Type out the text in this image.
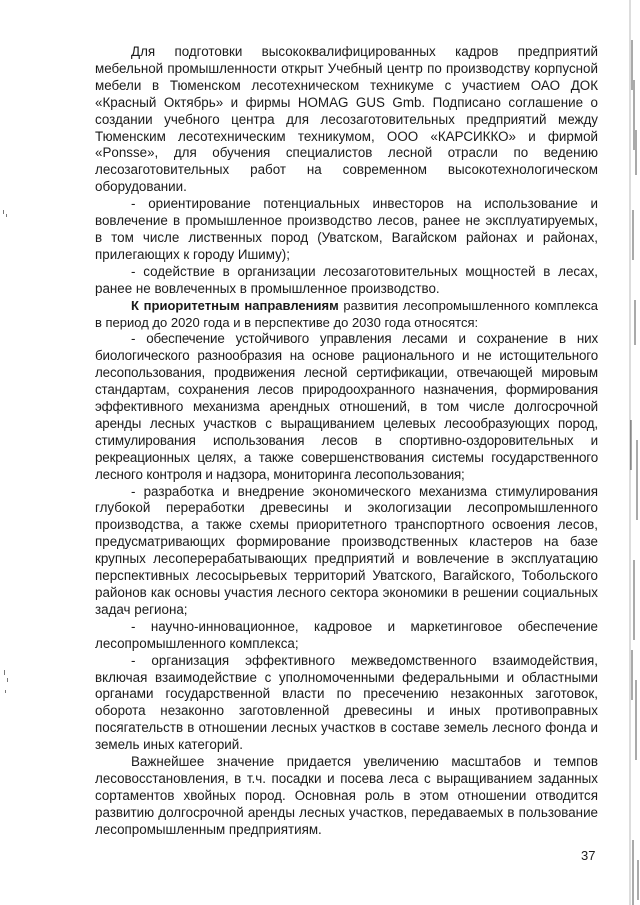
Для подготовки высококвалифицированных кадров предприятий мебельной промышленности открыт Учебный центр по производству корпусной мебели в Тюменском лесотехническом техникуме с участием ОАО ДОК «Красный Октябрь» и фирмы HOMAG GUS Gmb. Подписано соглашение о создании учебного центра для лесозаготовительных предприятий между Тюменским лесотехническим техникумом, ООО «КАРСИККО» и фирмой «Ponsse», для обучения специалистов лесной отрасли по ведению лесозаготовительных работ на современном высокотехнологическом оборудовании.

- ориентирование потенциальных инвесторов на использование и вовлечение в промышленное производство лесов, ранее не эксплуатируемых, в том числе лиственных пород (Уватском, Вагайском районах и районах, прилегающих к городу Ишиму);

- содействие в организации лесозаготовительных мощностей в лесах, ранее не вовлеченных в промышленное производство.

К приоритетным направлениям развития лесопромышленного комплекса в период до 2020 года и в перспективе до 2030 года относятся:

- обеспечение устойчивого управления лесами и сохранение в них биологического разнообразия на основе рационального и не истощительного лесопользования, продвижения лесной сертификации, отвечающей мировым стандартам, сохранения лесов природоохранного назначения, формирования эффективного механизма арендных отношений, в том числе долгосрочной аренды лесных участков с выращиванием целевых лесообразующих пород, стимулирования использования лесов в спортивно-оздоровительных и рекреационных целях, а также совершенствования системы государственного лесного контроля и надзора, мониторинга лесопользования;

- разработка и внедрение экономического механизма стимулирования глубокой переработки древесины и экологизации лесопромышленного производства, а также схемы приоритетного транспортного освоения лесов, предусматривающих формирование производственных кластеров на базе крупных лесоперерабатывающих предприятий и вовлечение в эксплуатацию перспективных лесосырьевых территорий Уватского, Вагайского, Тобольского районов как основы участия лесного сектора экономики в решении социальных задач региона;

- научно-инновационное, кадровое и маркетинговое обеспечение лесопромышленного комплекса;

- организация эффективного межведомственного взаимодействия, включая взаимодействие с уполномоченными федеральными и областными органами государственной власти по пресечению незаконных заготовок, оборота незаконно заготовленной древесины и иных противоправных посягательств в отношении лесных участков в составе земель лесного фонда и земель иных категорий.

Важнейшее значение придается увеличению масштабов и темпов лесовосстановления, в т.ч. посадки и посева леса с выращиванием заданных сортаментов хвойных пород. Основная роль в этом отношении отводится развитию долгосрочной аренды лесных участков, передаваемых в пользование лесопромышленным предприятиям.

37
